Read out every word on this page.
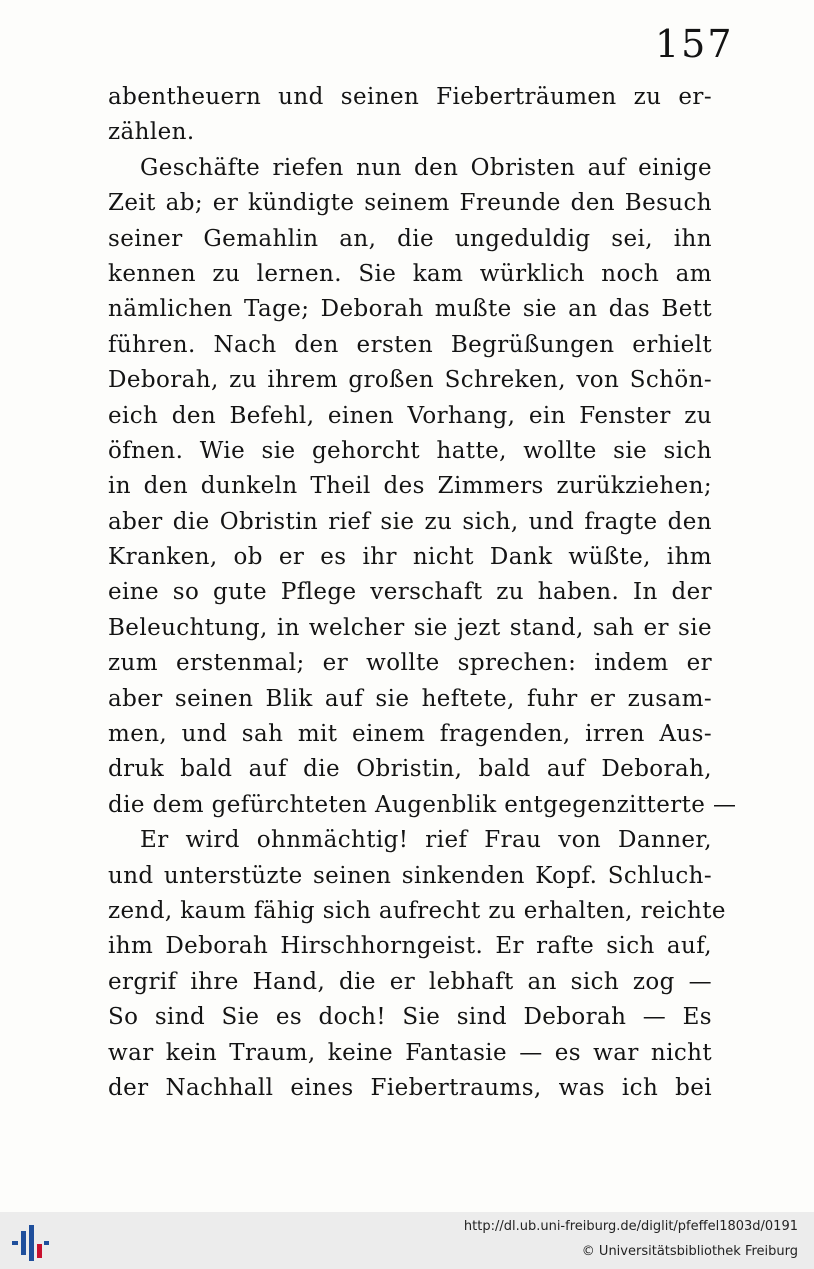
157
abentheuern und seinen Fieberträumen zu er-
zählen.
Geschäfte riefen nun den Obristen auf einige
Zeit ab; er kündigte seinem Freunde den Besuch
seiner Gemahlin an, die ungeduldig sei, ihn
kennen zu lernen. Sie kam würklich noch am
nämlichen Tage; Deborah mußte sie an das Bett
führen. Nach den ersten Begrüßungen erhielt
Deborah, zu ihrem großen Schreken, von Schön-
eich den Befehl, einen Vorhang, ein Fenster zu
öfnen. Wie sie gehorcht hatte, wollte sie sich
in den dunkeln Theil des Zimmers zurükziehen;
aber die Obristin rief sie zu sich, und fragte den
Kranken, ob er es ihr nicht Dank wüßte, ihm
eine so gute Pflege verschaft zu haben. In der
Beleuchtung, in welcher sie jezt stand, sah er sie
zum erstenmal; er wollte sprechen: indem er
aber seinen Blik auf sie heftete, fuhr er zusam-
men, und sah mit einem fragenden, irren Aus-
druk bald auf die Obristin, bald auf Deborah,
die dem gefürchteten Augenblik entgegenzitterte —
Er wird ohnmächtig! rief Frau von Danner,
und unterstüzte seinen sinkenden Kopf. Schluch-
zend, kaum fähig sich aufrecht zu erhalten, reichte
ihm Deborah Hirschhorngeist. Er rafte sich auf,
ergrif ihre Hand, die er lebhaft an sich zog —
So sind Sie es doch! Sie sind Deborah — Es
war kein Traum, keine Fantasie — es war nicht
der Nachhall eines Fiebertraums, was ich bei
http://dl.ub.uni-freiburg.de/diglit/pfeffel1803d/0191
© Universitätsbibliothek Freiburg
